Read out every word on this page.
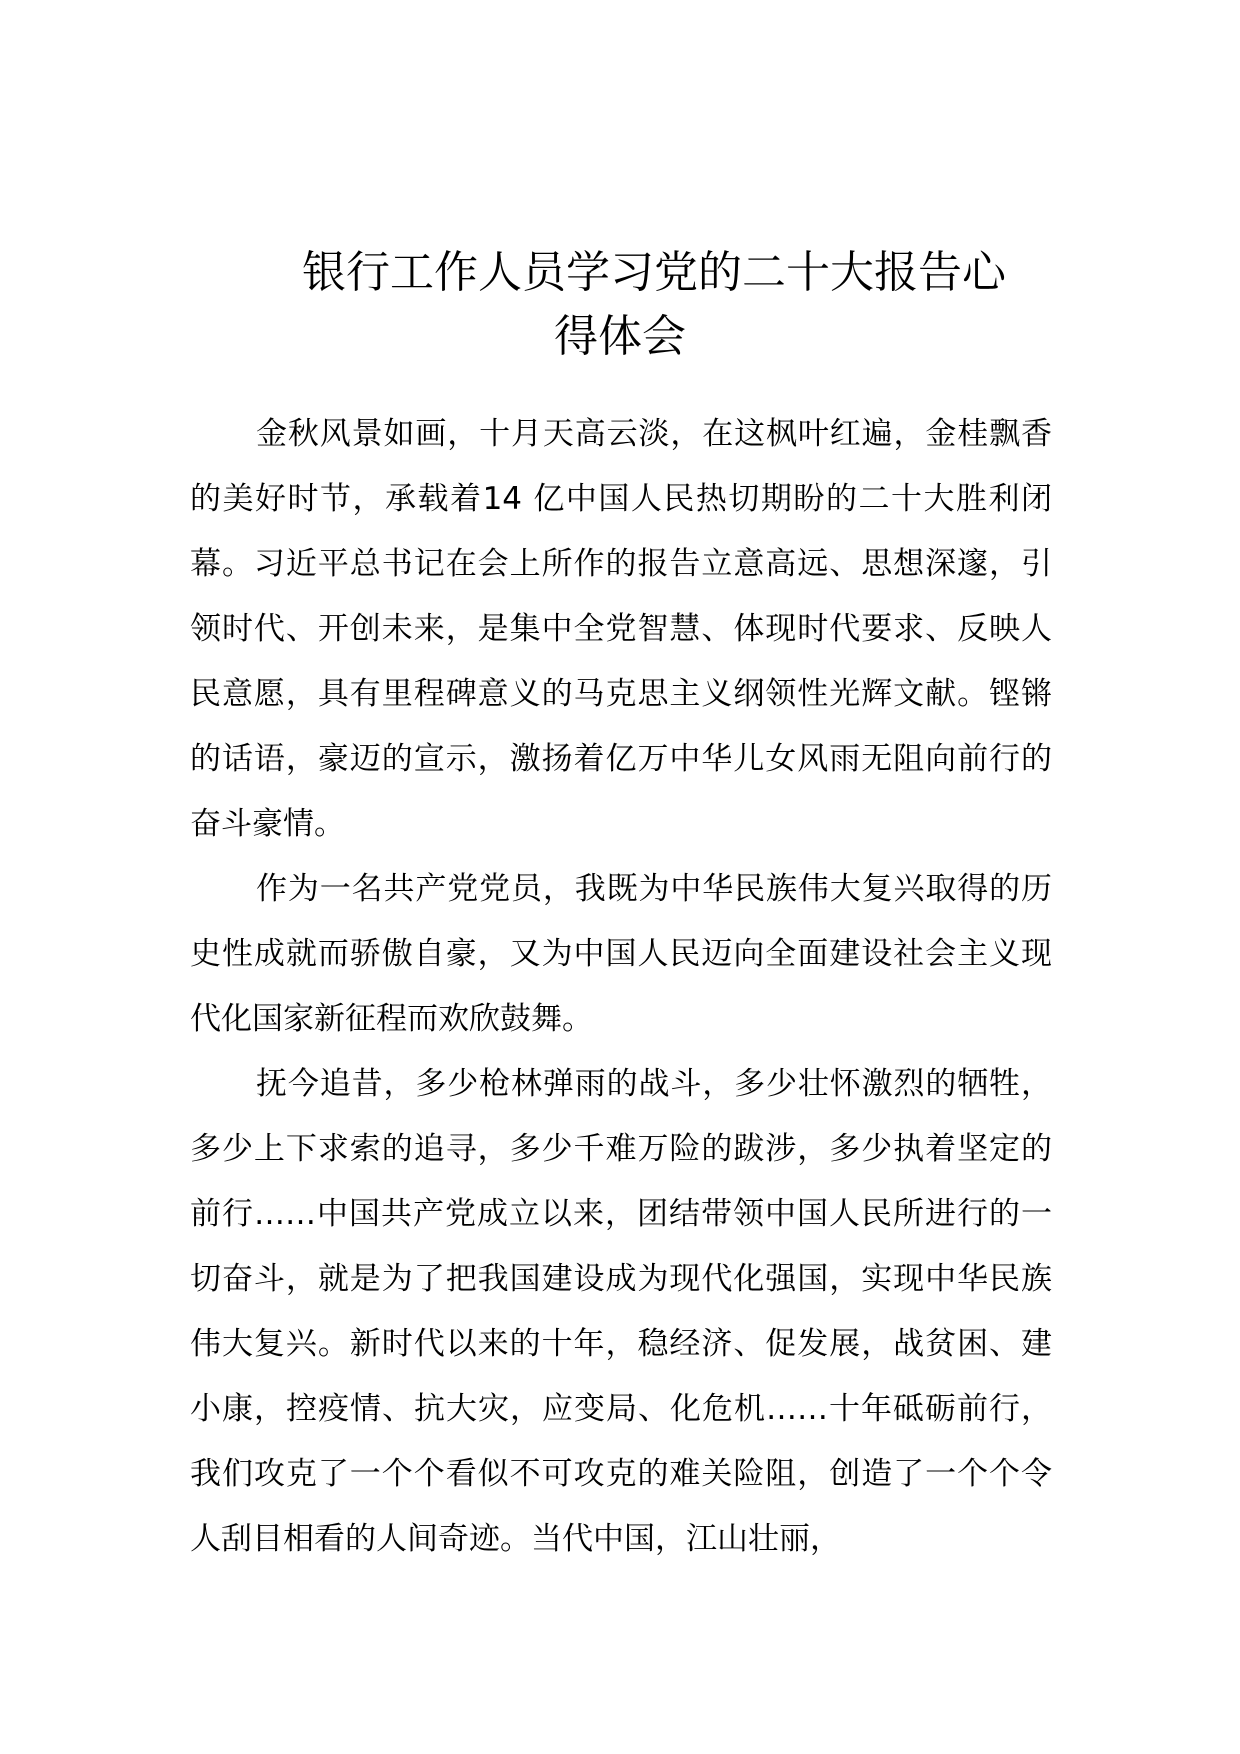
银行工作人员学习党的二十大报告心
得体会

金秋风景如画，十月天高云淡，在这枫叶红遍，金桂飘香的美好时节，承载着14 亿中国人民热切期盼的二十大胜利闭幕。习近平总书记在会上所作的报告立意高远、思想深邃，引领时代、开创未来，是集中全党智慧、体现时代要求、反映人民意愿，具有里程碑意义的马克思主义纲领性光辉文献。铿锵的话语，豪迈的宣示，激扬着亿万中华儿女风雨无阻向前行的奋斗豪情。

作为一名共产党党员，我既为中华民族伟大复兴取得的历史性成就而骄傲自豪，又为中国人民迈向全面建设社会主义现代化国家新征程而欢欣鼓舞。

抚今追昔，多少枪林弹雨的战斗，多少壮怀激烈的牺牲，多少上下求索的追寻，多少千难万险的跋涉，多少执着坚定的前行……中国共产党成立以来，团结带领中国人民所进行的一切奋斗，就是为了把我国建设成为现代化强国，实现中华民族伟大复兴。新时代以来的十年，稳经济、促发展，战贫困、建小康，控疫情、抗大灾，应变局、化危机……十年砥砺前行，我们攻克了一个个看似不可攻克的难关险阻，创造了一个个令人刮目相看的人间奇迹。当代中国，江山壮丽，
